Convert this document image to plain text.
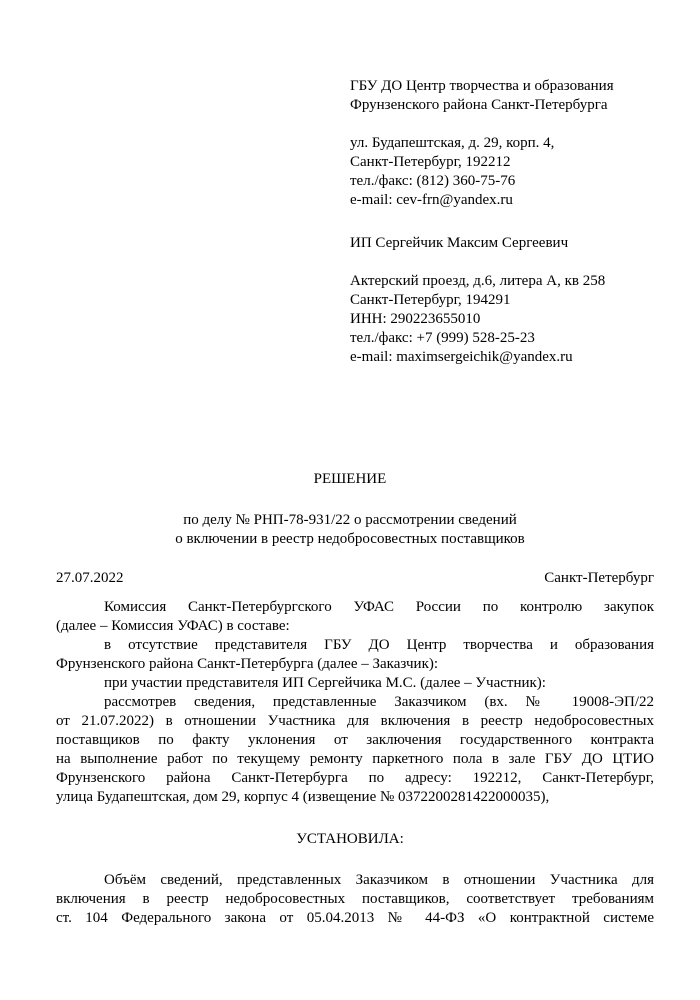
ГБУ ДО Центр творчества и образования
Фрунзенского района Санкт-Петербурга
ул. Будапештская, д. 29, корп. 4,
Санкт-Петербург, 192212
тел./факс: (812) 360-75-76
e-mail: cev-frn@yandex.ru
ИП Сергейчик Максим Сергеевич
Актерский проезд, д.6, литера А, кв 258
Санкт-Петербург, 194291
ИНН: 290223655010
тел./факс: +7 (999) 528-25-23
e-mail: maximsergeichik@yandex.ru
РЕШЕНИЕ
по делу № РНП-78-931/22 о рассмотрении сведений
о включении в реестр недобросовестных поставщиков
27.07.2022	Санкт-Петербург
Комиссия Санкт-Петербургского УФАС России по контролю закупок
(далее – Комиссия УФАС) в составе:
в отсутствие представителя ГБУ ДО Центр творчества и образования
Фрунзенского района Санкт-Петербурга (далее – Заказчик):
при участии представителя ИП Сергейчика М.С. (далее – Участник):
рассмотрев сведения, представленные Заказчиком (вх. № 19008-ЭП/22
от 21.07.2022) в отношении Участника для включения в реестр недобросовестных
поставщиков по факту уклонения от заключения государственного контракта
на выполнение работ по текущему ремонту паркетного пола в зале ГБУ ДО ЦТИО
Фрунзенского района Санкт-Петербурга по адресу: 192212, Санкт-Петербург,
улица Будапештская, дом 29, корпус 4 (извещение № 0372200281422000035),
УСТАНОВИЛА:
Объём сведений, представленных Заказчиком в отношении Участника для
включения в реестр недобросовестных поставщиков, соответствует требованиям
ст. 104 Федерального закона от 05.04.2013 № 44-ФЗ «О контрактной системе
